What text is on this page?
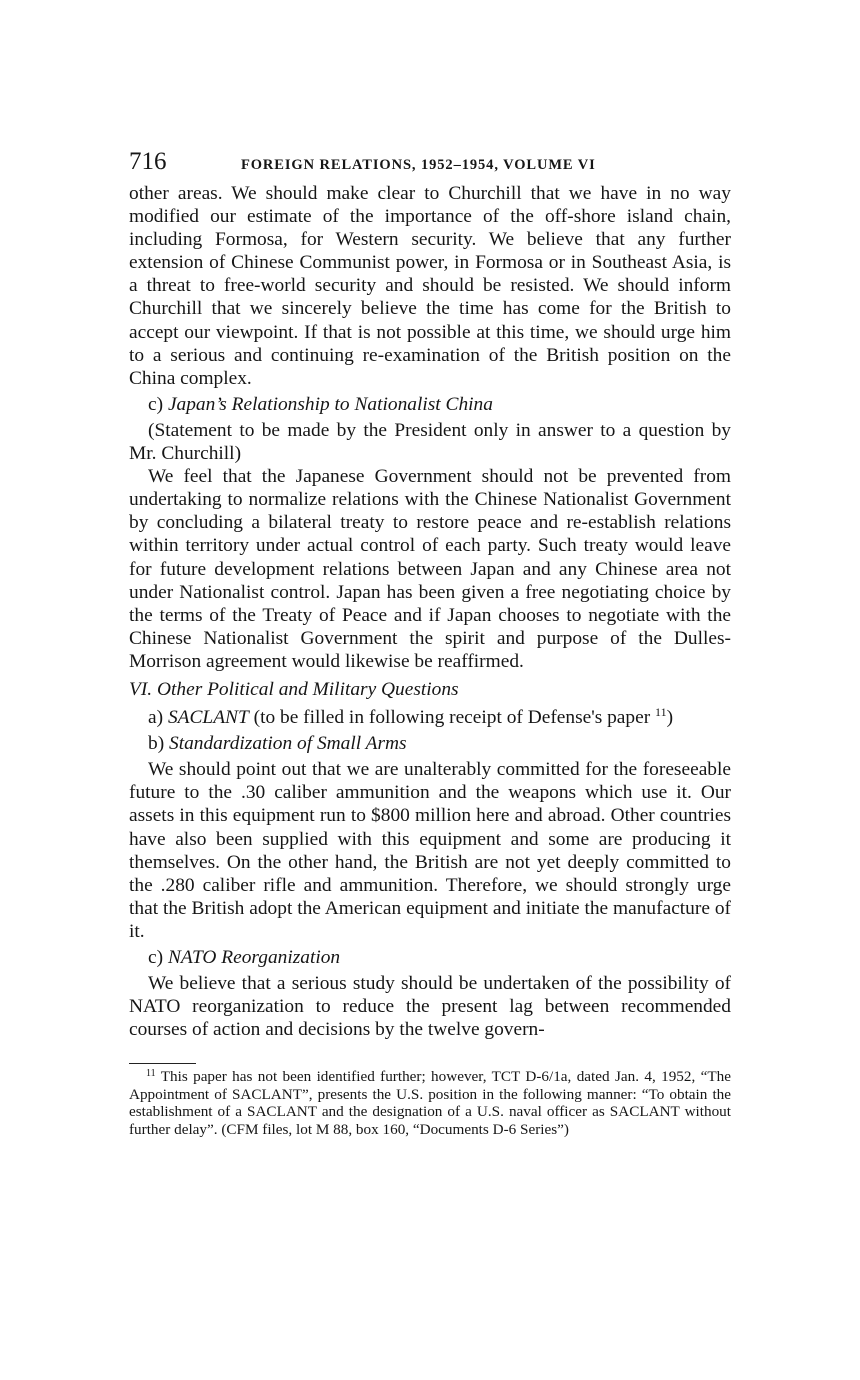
716	FOREIGN RELATIONS, 1952–1954, VOLUME VI

other areas. We should make clear to Churchill that we have in no way modified our estimate of the importance of the off-shore island chain, including Formosa, for Western security. We believe that any further extension of Chinese Communist power, in Formosa or in Southeast Asia, is a threat to free-world security and should be resisted. We should inform Churchill that we sincerely believe the time has come for the British to accept our viewpoint. If that is not possible at this time, we should urge him to a serious and continuing re-examination of the British position on the China complex.

c) Japan’s Relationship to Nationalist China

(Statement to be made by the President only in answer to a question by Mr. Churchill)

We feel that the Japanese Government should not be prevented from undertaking to normalize relations with the Chinese Nationalist Government by concluding a bilateral treaty to restore peace and re-establish relations within territory under actual control of each party. Such treaty would leave for future development relations between Japan and any Chinese area not under Nationalist control. Japan has been given a free negotiating choice by the terms of the Treaty of Peace and if Japan chooses to negotiate with the Chinese Nationalist Government the spirit and purpose of the Dulles-Morrison agreement would likewise be reaffirmed.

VI. Other Political and Military Questions

a) SACLANT (to be filled in following receipt of Defense's paper $^{11}$)

b) Standardization of Small Arms

We should point out that we are unalterably committed for the foreseeable future to the .30 caliber ammunition and the weapons which use it. Our assets in this equipment run to $800 million here and abroad. Other countries have also been supplied with this equipment and some are producing it themselves. On the other hand, the British are not yet deeply committed to the .280 caliber rifle and ammunition. Therefore, we should strongly urge that the British adopt the American equipment and initiate the manufacture of it.

c) NATO Reorganization

We believe that a serious study should be undertaken of the possibility of NATO reorganization to reduce the present lag between recommended courses of action and decisions by the twelve govern-

$^{11}$ This paper has not been identified further; however, TCT D-6/1a, dated Jan. 4, 1952, “The Appointment of SACLANT”, presents the U.S. position in the following manner: “To obtain the establishment of a SACLANT and the designation of a U.S. naval officer as SACLANT without further delay”. (CFM files, lot M 88, box 160, “Documents D-6 Series”)
